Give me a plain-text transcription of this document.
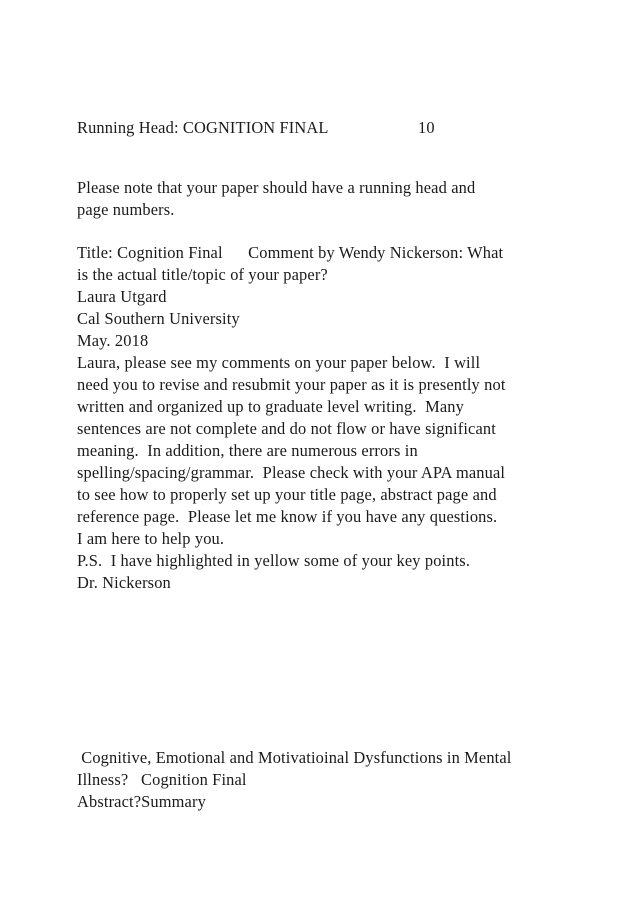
Running Head: COGNITION FINAL	10
Please note that your paper should have a running head and
page numbers.
Title: Cognition Final      Comment by Wendy Nickerson: What
is the actual title/topic of your paper?
Laura Utgard
Cal Southern University
May. 2018
Laura, please see my comments on your paper below.  I will
need you to revise and resubmit your paper as it is presently not
written and organized up to graduate level writing.  Many
sentences are not complete and do not flow or have significant
meaning.  In addition, there are numerous errors in
spelling/spacing/grammar.  Please check with your APA manual
to see how to properly set up your title page, abstract page and
reference page.  Please let me know if you have any questions.
I am here to help you.
P.S.  I have highlighted in yellow some of your key points.
Dr. Nickerson
Cognitive, Emotional and Motivatioinal Dysfunctions in Mental
Illness?   Cognition Final
Abstract?Summary
